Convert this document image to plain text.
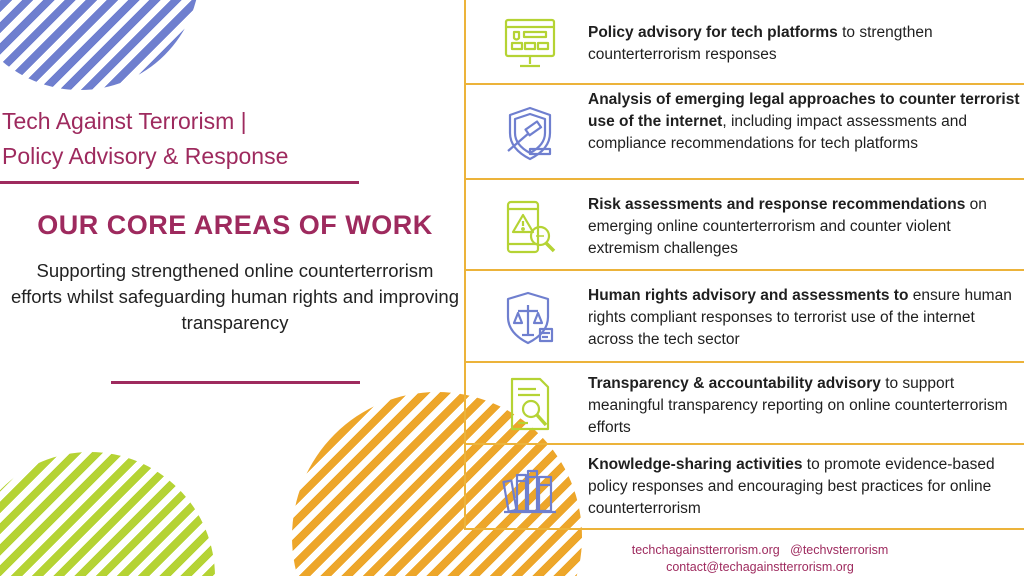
Tech Against Terrorism |
Policy Advisory & Response
OUR CORE AREAS OF WORK
Supporting strengthened online counterterrorism efforts whilst safeguarding human rights and improving transparency
Policy advisory for tech platforms to strengthen counterterrorism responses
Analysis of emerging legal approaches to counter terrorist use of the internet, including impact assessments and compliance recommendations for tech platforms
Risk assessments and response recommendations on emerging online counterterrorism and counter violent extremism challenges
Human rights advisory and assessments to ensure human rights compliant responses to terrorist use of the internet across the tech sector
Transparency & accountability advisory to support meaningful transparency reporting on online counterterrorism efforts
Knowledge-sharing activities to promote evidence-based policy responses and encouraging best practices for online counterterrorism
techchagainstterrorism.org @techvsterrorism
contact@techagainstterrorism.org
